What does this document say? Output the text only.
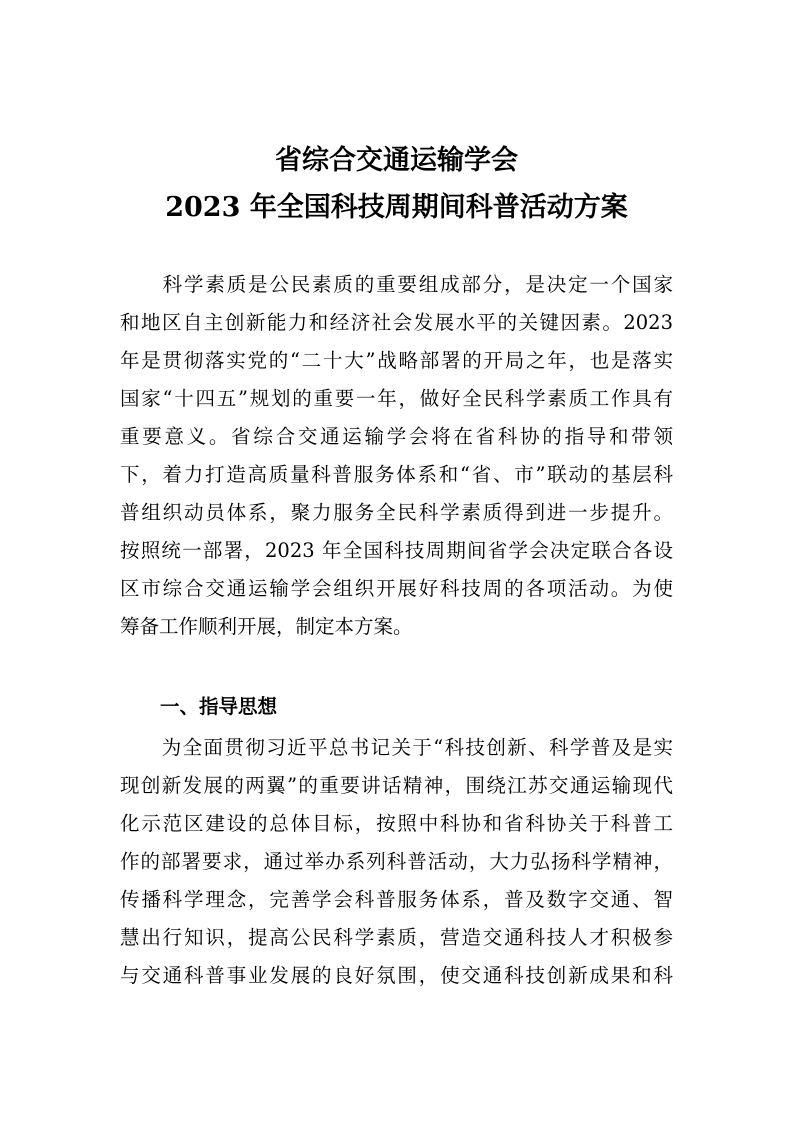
省综合交通运输学会
2023 年全国科技周期间科普活动方案
　　科学素质是公民素质的重要组成部分，是决定一个国家
和地区自主创新能力和经济社会发展水平的关键因素。2023
年是贯彻落实党的“二十大”战略部署的开局之年，也是落实
国家“十四五”规划的重要一年，做好全民科学素质工作具有
重要意义。省综合交通运输学会将在省科协的指导和带领
下，着力打造高质量科普服务体系和“省、市”联动的基层科
普组织动员体系，聚力服务全民科学素质得到进一步提升。
按照统一部署，2023 年全国科技周期间省学会决定联合各设
区市综合交通运输学会组织开展好科技周的各项活动。为使
筹备工作顺利开展，制定本方案。
一、指导思想
　　为全面贯彻习近平总书记关于“科技创新、科学普及是实
现创新发展的两翼”的重要讲话精神，围绕江苏交通运输现代
化示范区建设的总体目标，按照中科协和省科协关于科普工
作的部署要求，通过举办系列科普活动，大力弘扬科学精神，
传播科学理念，完善学会科普服务体系，普及数字交通、智
慧出行知识，提高公民科学素质，营造交通科技人才积极参
与交通科普事业发展的良好氛围，使交通科技创新成果和科
